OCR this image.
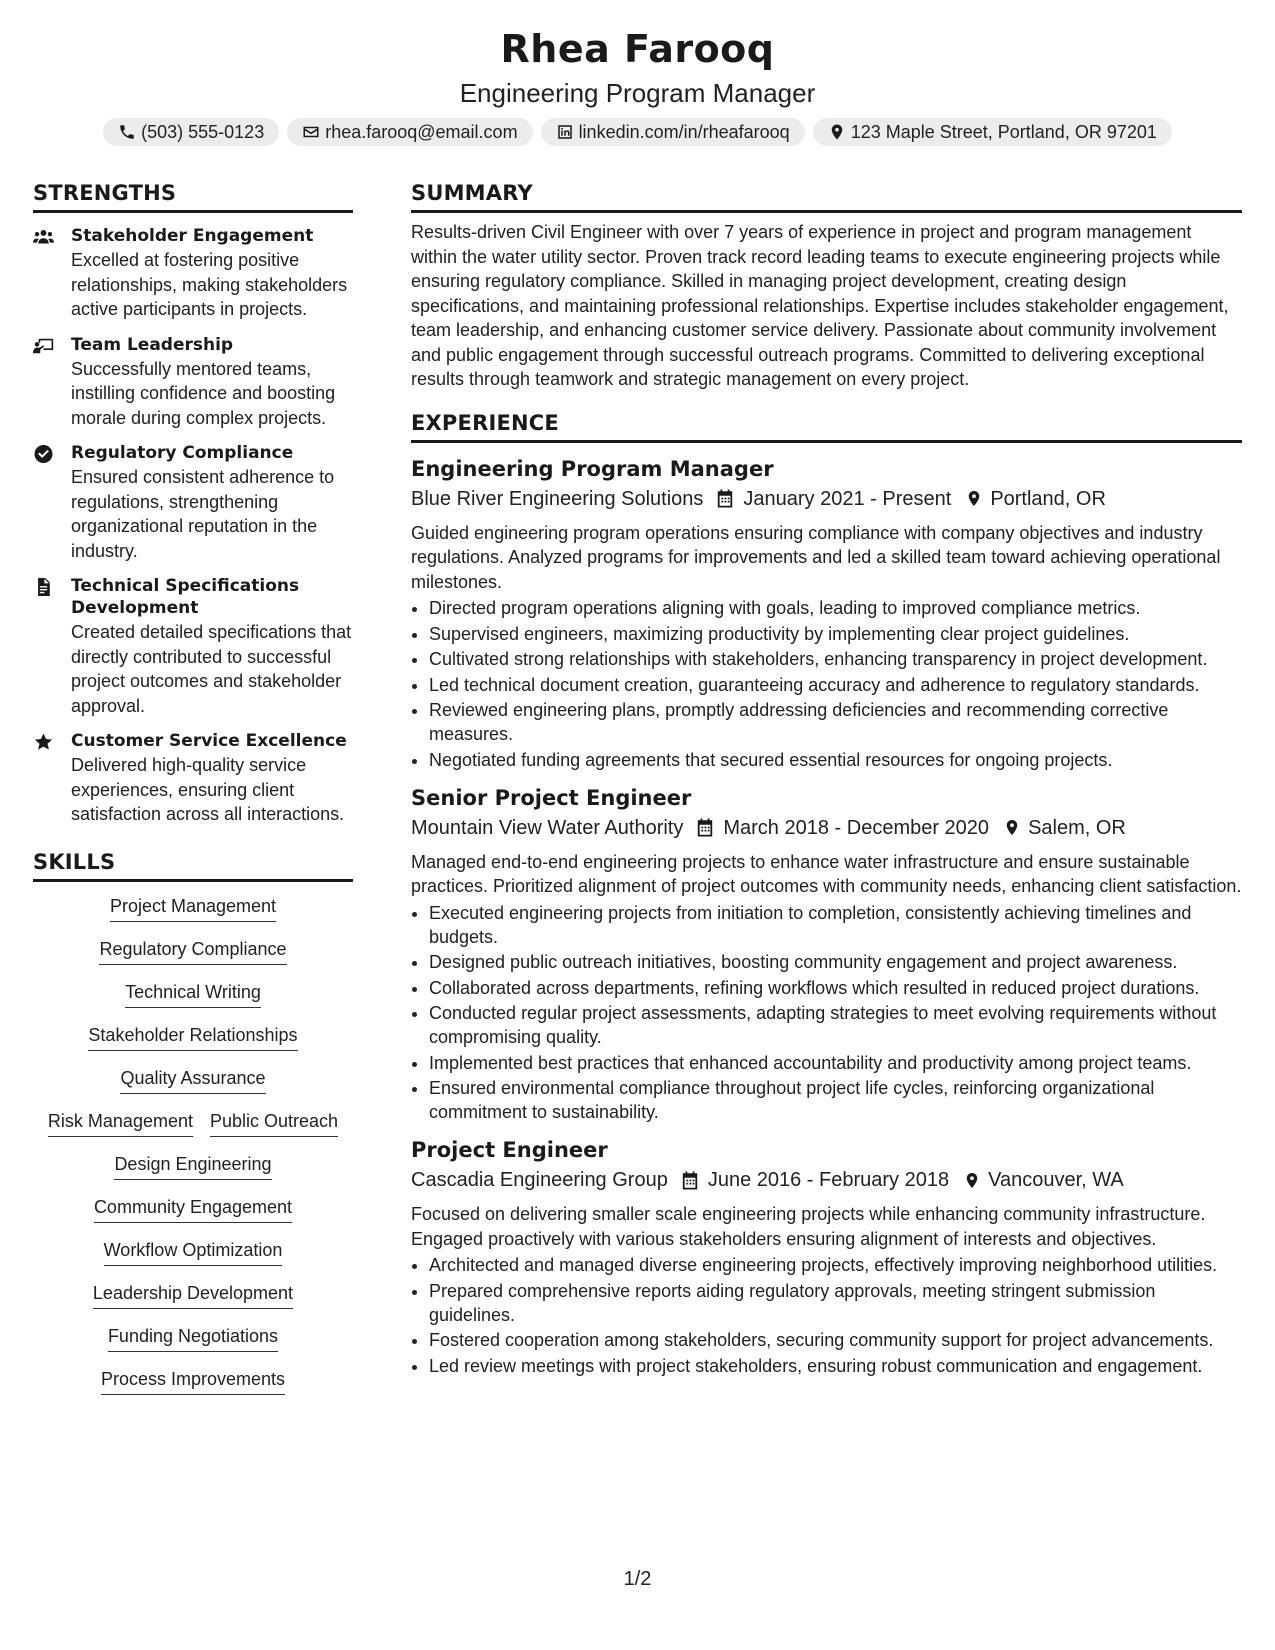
Rhea Farooq

Engineering Program Manager

(503) 555-0123	rhea.farooq@email.com	linkedin.com/in/rheafarooq	123 Maple Street, Portland, OR 97201
STRENGTHS
Stakeholder Engagement
Excelled at fostering positive relationships, making stakeholders active participants in projects.
Team Leadership
Successfully mentored teams, instilling confidence and boosting morale during complex projects.
Regulatory Compliance
Ensured consistent adherence to regulations, strengthening organizational reputation in the industry.
Technical Specifications Development
Created detailed specifications that directly contributed to successful project outcomes and stakeholder approval.
Customer Service Excellence
Delivered high-quality service experiences, ensuring client satisfaction across all interactions.
SKILLS
Project Management
Regulatory Compliance
Technical Writing
Stakeholder Relationships
Quality Assurance
Risk Management Public Outreach
Design Engineering
Community Engagement
Workflow Optimization
Leadership Development
Funding Negotiations
Process Improvements
SUMMARY

Results-driven Civil Engineer with over 7 years of experience in project and program management within the water utility sector. Proven track record leading teams to execute engineering projects while ensuring regulatory compliance. Skilled in managing project development, creating design specifications, and maintaining professional relationships. Expertise includes stakeholder engagement, team leadership, and enhancing customer service delivery. Passionate about community involvement and public engagement through successful outreach programs. Committed to delivering exceptional results through teamwork and strategic management on every project.

EXPERIENCE
Engineering Program Manager
Blue River Engineering Solutions January 2021 - Present Portland, OR
Guided engineering program operations ensuring compliance with company objectives and industry regulations. Analyzed programs for improvements and led a skilled team toward achieving operational milestones.
• Directed program operations aligning with goals, leading to improved compliance metrics.
• Supervised engineers, maximizing productivity by implementing clear project guidelines.
• Cultivated strong relationships with stakeholders, enhancing transparency in project development.
• Led technical document creation, guaranteeing accuracy and adherence to regulatory standards.
• Reviewed engineering plans, promptly addressing deficiencies and recommending corrective measures.
• Negotiated funding agreements that secured essential resources for ongoing projects.
Senior Project Engineer
Mountain View Water Authority March 2018 - December 2020 Salem, OR
Managed end-to-end engineering projects to enhance water infrastructure and ensure sustainable practices. Prioritized alignment of project outcomes with community needs, enhancing client satisfaction.
• Executed engineering projects from initiation to completion, consistently achieving timelines and budgets.
• Designed public outreach initiatives, boosting community engagement and project awareness.
• Collaborated across departments, refining workflows which resulted in reduced project durations.
• Conducted regular project assessments, adapting strategies to meet evolving requirements without compromising quality.
• Implemented best practices that enhanced accountability and productivity among project teams.
• Ensured environmental compliance throughout project life cycles, reinforcing organizational commitment to sustainability.
Project Engineer
Cascadia Engineering Group June 2016 - February 2018 Vancouver, WA
Focused on delivering smaller scale engineering projects while enhancing community infrastructure. Engaged proactively with various stakeholders ensuring alignment of interests and objectives.
• Architected and managed diverse engineering projects, effectively improving neighborhood utilities.
• Prepared comprehensive reports aiding regulatory approvals, meeting stringent submission guidelines.
• Fostered cooperation among stakeholders, securing community support for project advancements.
• Led review meetings with project stakeholders, ensuring robust communication and engagement.
1/2
